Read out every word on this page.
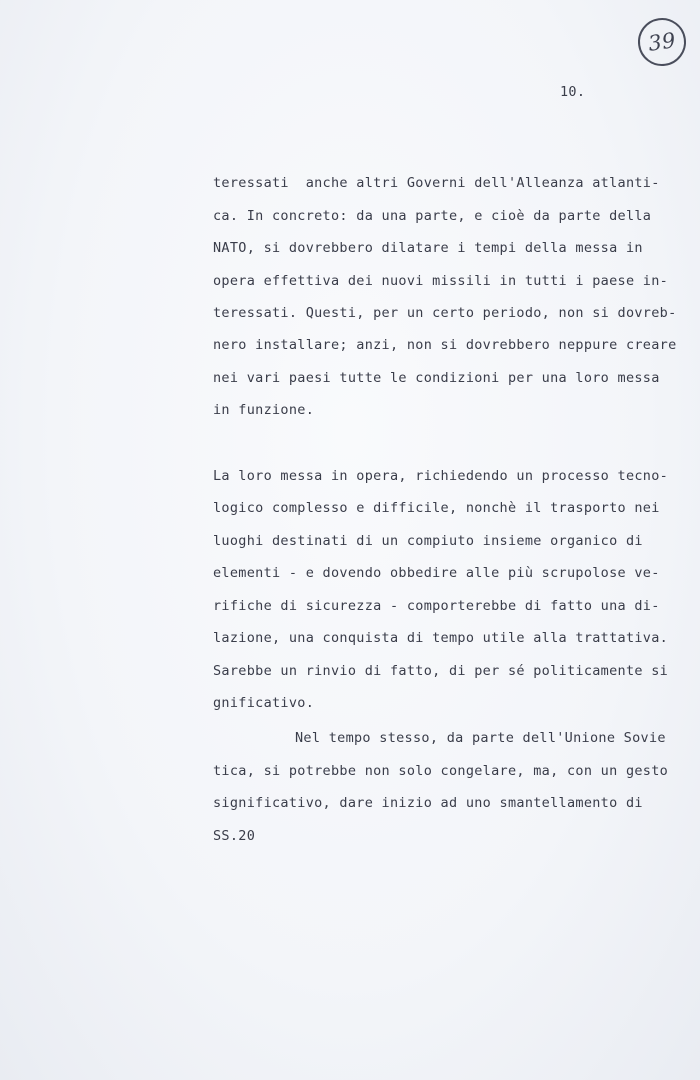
39
10.
teressati  anche altri Governi dell'Alleanza atlanti-
ca. In concreto: da una parte, e cioè da parte della
NATO, si dovrebbero dilatare i tempi della messa in
opera effettiva dei nuovi missili in tutti i paese in-
teressati. Questi, per un certo periodo, non si dovreb-
nero installare; anzi, non si dovrebbero neppure creare
nei vari paesi tutte le condizioni per una loro messa
in funzione.
La loro messa in opera, richiedendo un processo tecno-
logico complesso e difficile, nonchè il trasporto nei
luoghi destinati di un compiuto insieme organico di
elementi - e dovendo obbedire alle più scrupolose ve-
rifiche di sicurezza - comporterebbe di fatto una di-
lazione, una conquista di tempo utile alla trattativa.
Sarebbe un rinvio di fatto, di per sé politicamente si
gnificativo.
Nel tempo stesso, da parte dell'Unione Sovie
tica, si potrebbe non solo congelare, ma, con un gesto
significativo, dare inizio ad uno smantellamento di
SS.20
